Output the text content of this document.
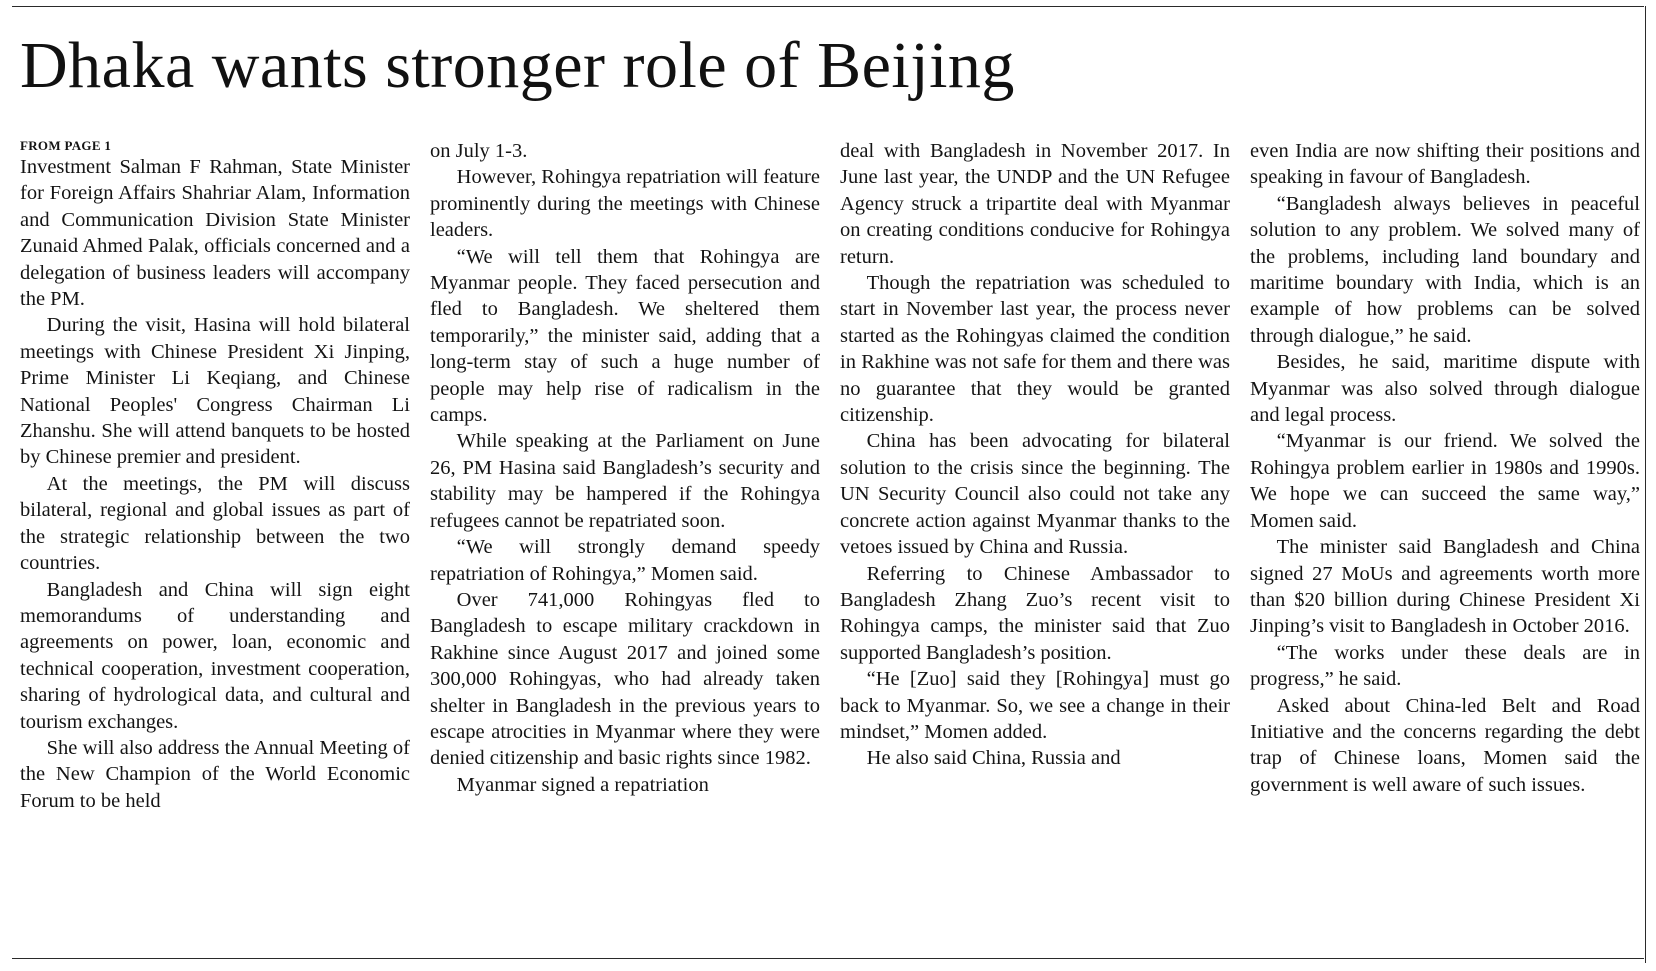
Dhaka wants stronger role of Beijing
FROM PAGE 1

Investment Salman F Rahman, State Minister for Foreign Affairs Shahriar Alam, Information and Communication Division State Minister Zunaid Ahmed Palak, officials concerned and a delegation of business leaders will accompany the PM.

During the visit, Hasina will hold bilateral meetings with Chinese President Xi Jinping, Prime Minister Li Keqiang, and Chinese National Peoples' Congress Chairman Li Zhanshu. She will attend banquets to be hosted by Chinese premier and president.

At the meetings, the PM will discuss bilateral, regional and global issues as part of the strategic relationship between the two countries.

Bangladesh and China will sign eight memorandums of understanding and agreements on power, loan, economic and technical cooperation, investment cooperation, sharing of hydrological data, and cultural and tourism exchanges.

She will also address the Annual Meeting of the New Champion of the World Economic Forum to be held

on July 1-3.

However, Rohingya repatriation will feature prominently during the meetings with Chinese leaders.

“We will tell them that Rohingya are Myanmar people. They faced persecution and fled to Bangladesh. We sheltered them temporarily,” the minister said, adding that a long-term stay of such a huge number of people may help rise of radicalism in the camps.

While speaking at the Parliament on June 26, PM Hasina said Bangladesh’s security and stability may be hampered if the Rohingya refugees cannot be repatriated soon.

“We will strongly demand speedy repatriation of Rohingya,” Momen said.

Over 741,000 Rohingyas fled to Bangladesh to escape military crackdown in Rakhine since August 2017 and joined some 300,000 Rohingyas, who had already taken shelter in Bangladesh in the previous years to escape atrocities in Myanmar where they were denied citizenship and basic rights since 1982.

Myanmar signed a repatriation

deal with Bangladesh in November 2017. In June last year, the UNDP and the UN Refugee Agency struck a tripartite deal with Myanmar on creating conditions conducive for Rohingya return.

Though the repatriation was scheduled to start in November last year, the process never started as the Rohingyas claimed the condition in Rakhine was not safe for them and there was no guarantee that they would be granted citizenship.

China has been advocating for bilateral solution to the crisis since the beginning. The UN Security Council also could not take any concrete action against Myanmar thanks to the vetoes issued by China and Russia.

Referring to Chinese Ambassador to Bangladesh Zhang Zuo’s recent visit to Rohingya camps, the minister said that Zuo supported Bangladesh’s position.

“He [Zuo] said they [Rohingya] must go back to Myanmar. So, we see a change in their mindset,” Momen added.

He also said China, Russia and

even India are now shifting their positions and speaking in favour of Bangladesh.

“Bangladesh always believes in peaceful solution to any problem. We solved many of the problems, including land boundary and maritime boundary with India, which is an example of how problems can be solved through dialogue,” he said.

Besides, he said, maritime dispute with Myanmar was also solved through dialogue and legal process.

“Myanmar is our friend. We solved the Rohingya problem earlier in 1980s and 1990s. We hope we can succeed the same way,” Momen said.

The minister said Bangladesh and China signed 27 MoUs and agreements worth more than $20 billion during Chinese President Xi Jinping’s visit to Bangladesh in October 2016.

“The works under these deals are in progress,” he said.

Asked about China-led Belt and Road Initiative and the concerns regarding the debt trap of Chinese loans, Momen said the government is well aware of such issues.
